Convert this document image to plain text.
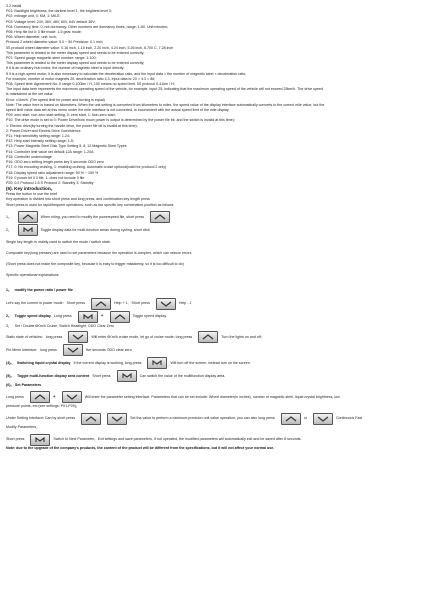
3.2 install
P01: Backlight brightness, the darkest level 1, the brightest level 3;
P02: mileage unit, 0: KM, 1: MILE;
P03: Voltage level: 24V, 36V, 48V, 60V, 64V default 36V;
P04: Dormancy time: 0, not dormancy. Other numbers are dormancy times, range: 1-60. Unit:minutes;
P05: Help file list 0: 3 file mode: 1-5 gear mode;
P06: Wheel diameter: unit: inch;
Protocol 2 wheel diameter value: 5.0 ~ 50 Precision: 0.1 inch
5S protocol wheel diameter value: 0.16 inch, 1.15 inch, 2.20 inch, 4.24 inch, 5.26 inch, 6.700 C, 7.28 inch
This parameter is related to the meter display speed and needs to be entered correctly;
P07: Speed gauge magnetic steel number: range: 1-100;
This parameter is related to the meter display speed and needs to be entered correctly;
If it is an ordinary hub motor, the number of magnetic steel is input directly;
If it is a high-speed motor, it is also necessary to calculate the deceleration ratio, and the input data = the number of magnetic steel × deceleration ratio;
For example, number of motor magnets 20, deceleration ratio 4.3, input data is: 20 × 4.3 = 86;
P08: Speed limit: Agreement No. 0 range 0-100km / H, 100 means no speed limit. 5S protocol 0-41km / H;
The input data here represents the maximum operating speed of the vehicle, for example, input 25, indicating that the maximum operating speed of the vehicle will not exceed 25km/h. The drive speed
is maintained at the set value.
Error: ±1km/h. (The speed limit for power and turning is equal)
Note: The value here is based on kilometers. When the unit setting is converted from kilometers to miles, the speed value of the display interface automatically converts to the correct mile value, but the
speed limit value data set at this menu under the mile interface is not converted. Is inconsistent with the actual speed limit of the mile display
P09: zero start, non zero start setting, 0: zero start, 1: Non-zero start;
P10: The drive mode is set to 0: Power Drive/how much power is output is determined by the power file bit, and the switch is invalid at this time);
1: Electric drive(by turning the handle drive, the power file bit is invalid at this time);
2: Power Drive+and Electric Drive Coexistence
P11: Help sensitivity setting range: 1-24;
P12: Help start intensity setting range: 1-5;
P13: Power Magnetic Steel Disk Type Setting 5, 8, 12 Magnetic Steel Types
P14: Controller limit value set default 12A range: 1-20A
P15: Controller undervoltage
P16: ODO zero setting length press key 5 seconds ODO zero
P17: 0: No encoding cruising, 1: enabling cruising. Automatic cruise optional(valid for protocol 2 only)
P18: Display speed ratio adjustment range: 50 % ~ 150 %
P19: 0 power bit 0 0 file, 1: does not include 0 file
P20: 0:2 Protocol 1:5 S Protocol 2: Standby 3: Standby
(6). Key introduction。
Press the button to use the brief
Key operation is divided into short press and long press, and combination key length press
Short press is used for rapid/frequent operations, such as the specific key combination position as follows
1。	When riding, you need to modify the powerspeed file, short press
2。	Toggle display data for multi-function areas during cycling, short click
Single key length is mainly used to switch the mode / switch state.
Composite key(long presses) are used to set parameters because the operation is complex, which can reduce errors
(Short press does not make the composite key, because it is easy to trigger mistakenly, so it is too difficult to do)
Specific operational explanations
1。 modify the power ratio / power file
Let's say the current is power mode: Short press	Help + 1, Short press	Help - 1
2。 Toggle speed display Long press	+	Toggle speed display.
3。 Set / Double 6Km/h Cruise, Switch Headlight, ODO Clear Zero
Static state of vehicles: long press	Will enter 6Km/h cruise mode, let go of cruise mode; long press	Turn the lights on and off;
Pin Menu Interface: long press	five seconds ODO clear zero
(4)。 Switching liquid crystal display If the current display is working, long press	Will turn off the screen, instead turn on the screen.
(5)。 Toggle multi-function display area content Short press	Can switch the value of the multifunction display area.
(6)。 Set Parameters
Long press	+	Will enter the parameter setting interface. Parameters that can be set include: Wheel diameter(in inches), number of magnetic steel, liquid crystal brightness, low
pressure points, etc.(see settings: P01-P20)。
Under Setting Interface: Can by short press	Set the value to perform a minimum-precision unit value operation, you can also long press	or	Continuous Fast
Modify Parameters。
Short press	Switch to Next Parameter。Exit settings and save parameters. If not operated, the modified parameters will automatically exit and be saved after 8 seconds.
Note: due to the upgrade of the company's products, the content of the product will be different from the specifications, but it will not affect your normal use.
